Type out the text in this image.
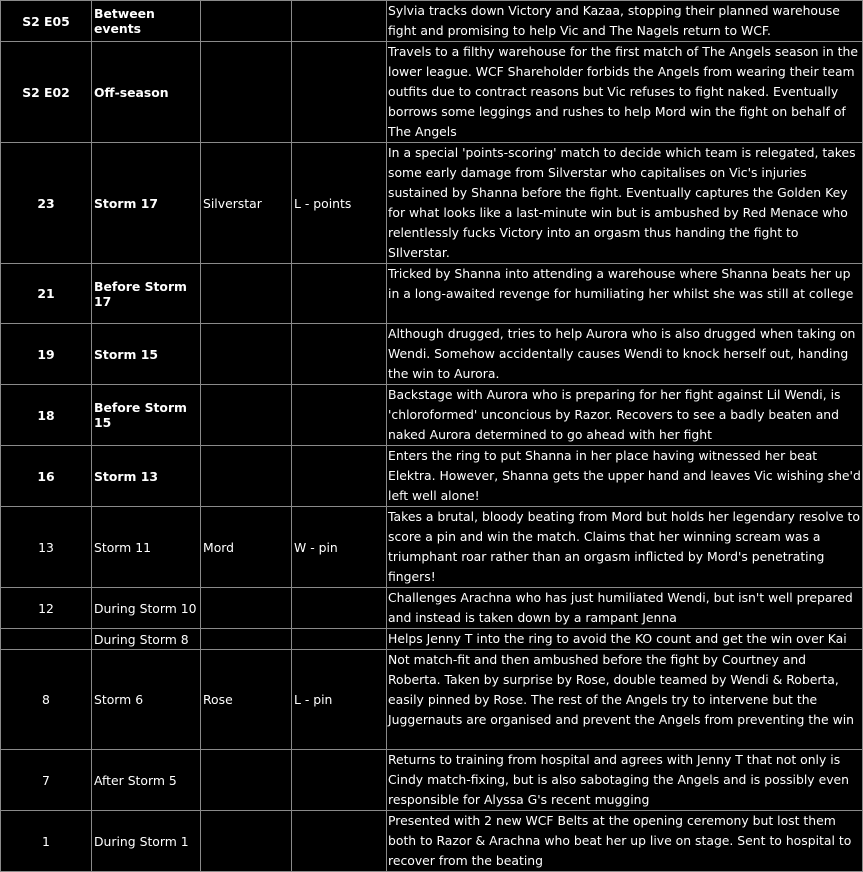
S2 E05	Between events			Sylvia tracks down Victory and Kazaa, stopping their planned warehouse fight and promising to help Vic and The Nagels return to WCF.
S2 E02	Off-season			Travels to a filthy warehouse for the first match of The Angels season in the lower league. WCF Shareholder forbids the Angels from wearing their team outfits due to contract reasons but Vic refuses to fight naked. Eventually borrows some leggings and rushes to help Mord win the fight on behalf of The Angels
23	Storm 17	Silverstar	L - points	In a special 'points-scoring' match to decide which team is relegated, takes some early damage from Silverstar who capitalises on Vic's injuries sustained by Shanna before the fight. Eventually captures the Golden Key for what looks like a last-minute win but is ambushed by Red Menace who relentlessly fucks Victory into an orgasm thus handing the fight to SIlverstar.
21	Before Storm 17			Tricked by Shanna into attending a warehouse where Shanna beats her up in a long-awaited revenge for humiliating her whilst she was still at college
19	Storm 15			Although drugged, tries to help Aurora who is also drugged when taking on Wendi. Somehow accidentally causes Wendi to knock herself out, handing the win to Aurora.
18	Before Storm 15			Backstage with Aurora who is preparing for her fight against Lil Wendi, is 'chloroformed' unconcious by Razor. Recovers to see a badly beaten and naked Aurora determined to go ahead with her fight
16	Storm 13			Enters the ring to put Shanna in her place having witnessed her beat Elektra. However, Shanna gets the upper hand and leaves Vic wishing she'd left well alone!
13	Storm 11	Mord	W - pin	Takes a brutal, bloody beating from Mord but holds her legendary resolve to score a pin and win the match. Claims that her winning scream was a triumphant roar rather than an orgasm inflicted by Mord's penetrating fingers!
12	During Storm 10			Challenges Arachna who has just humiliated Wendi, but isn't well prepared and instead is taken down by a rampant Jenna
	During Storm 8			Helps Jenny T into the ring to avoid the KO count and get the win over Kai
8	Storm 6	Rose	L - pin	Not match-fit and then ambushed before the fight by Courtney and Roberta. Taken by surprise by Rose, double teamed by Wendi & Roberta, easily pinned by Rose. The rest of the Angels try to intervene but the Juggernauts are organised and prevent the Angels from preventing the win
7	After Storm 5			Returns to training from hospital and agrees with Jenny T that not only is Cindy match-fixing, but is also sabotaging the Angels and is possibly even responsible for Alyssa G's recent mugging
1	During Storm 1			Presented with 2 new WCF Belts at the opening ceremony but lost them both to Razor & Arachna who beat her up live on stage. Sent to hospital to recover from the beating
